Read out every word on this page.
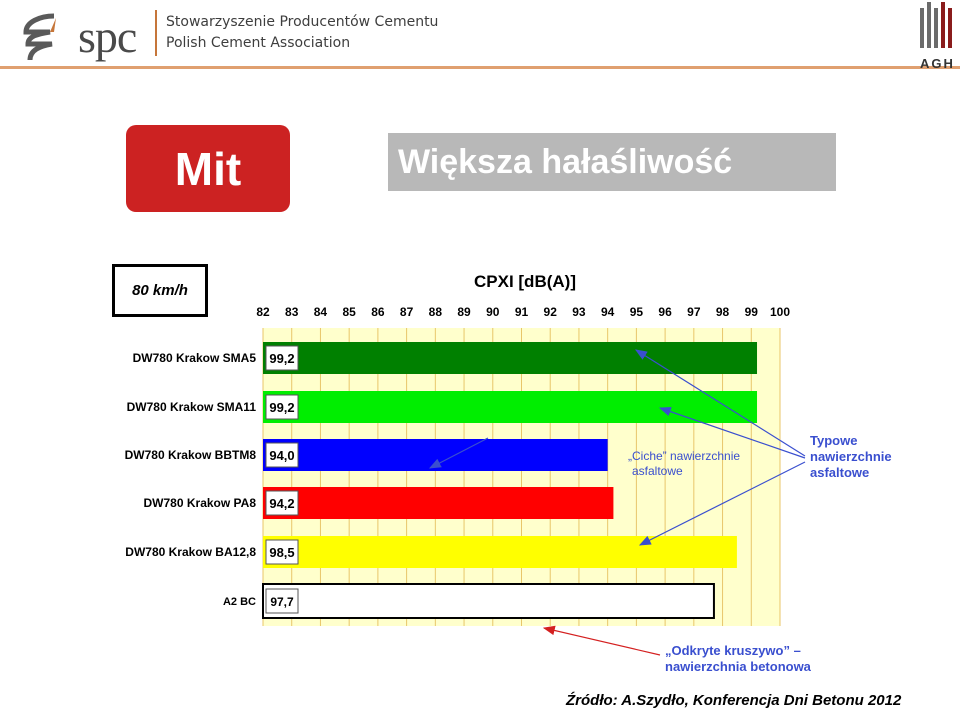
spc Stowarzyszenie Producentów Cementu
Polish Cement Association
AGH
Mit	Większa hałaśliwość
80 km/h	CPXI [dB(A)]
82 83 84 85 86 87 88 89 90 91 92 93 94 95 96 97 98 99 100
DW780 Krakow SMA5
DW780 Krakow SMA11
DW780 Krakow BBTM8
DW780 Krakow PA8
DW780 Krakow BA12,8
A2 BC
99,2
99,2
94,0
94,2
98,5
97,7
„Ciche” nawierzchnie
asfaltowe
Typowe
nawierzchnie
asfaltowe
„Odkryte kruszywo” –
nawierzchnia betonowa
Źródło: A.Szydło, Konferencja Dni Betonu 2012
